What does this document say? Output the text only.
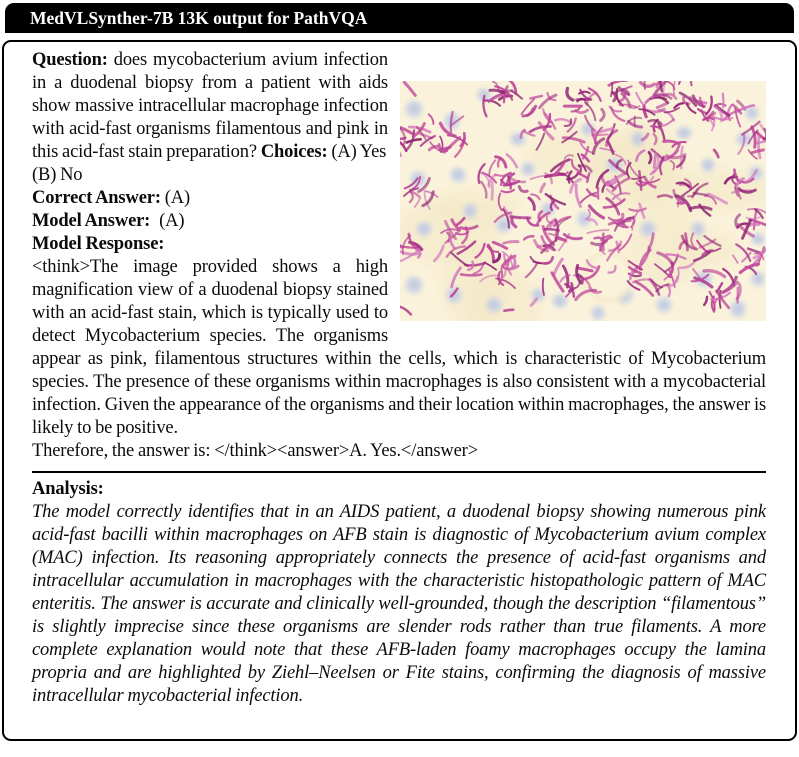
MedVLSynther-7B 13K output for PathVQA
Question: does mycobacterium avium infection in a duodenal biopsy from a patient with aids show massive intracellular macrophage infection with acid-fast organisms filamentous and pink in this acid-fast stain preparation? Choices: (A) Yes
(B) No
Correct Answer: (A)
Model Answer: (A)
Model Response:
<think>The image provided shows a high magnification view of a duodenal biopsy stained with an acid-fast stain, which is typically used to detect Mycobacterium species. The organisms appear as pink, filamentous structures within the cells, which is characteristic of Mycobacterium species. The presence of these organisms within macrophages is also consistent with a mycobacterial infection. Given the appearance of the organisms and their location within macrophages, the answer is likely to be positive.
Therefore, the answer is: </think><answer>A. Yes.</answer>
Analysis:
The model correctly identifies that in an AIDS patient, a duodenal biopsy showing numerous pink acid-fast bacilli within macrophages on AFB stain is diagnostic of Mycobacterium avium complex (MAC) infection. Its reasoning appropriately connects the presence of acid-fast organisms and intracellular accumulation in macrophages with the characteristic histopathologic pattern of MAC enteritis. The answer is accurate and clinically well-grounded, though the description “filamentous” is slightly imprecise since these organisms are slender rods rather than true filaments. A more complete explanation would note that these AFB-laden foamy macrophages occupy the lamina propria and are highlighted by Ziehl–Neelsen or Fite stains, confirming the diagnosis of massive intracellular mycobacterial infection.
